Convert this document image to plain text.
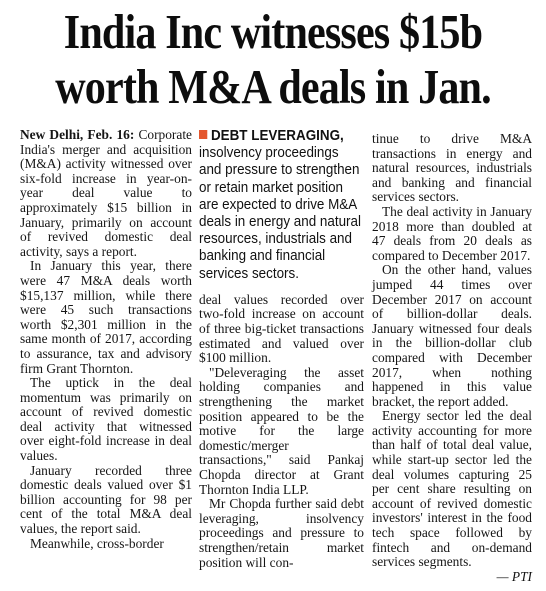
India Inc witnesses $15b
worth M&A deals in Jan.

New Delhi, Feb. 16: Corporate India's merger and acquisition (M&A) activity witnessed over six-fold increase in year-on-year deal value to approximately $15 billion in January, primarily on account of revived domestic deal activity, says a report.

In January this year, there were 47 M&A deals worth $15,137 million, while there were 45 such transactions worth $2,301 million in the same month of 2017, according to assurance, tax and advisory firm Grant Thornton.

The uptick in the deal momentum was primarily on account of revived domestic deal activity that witnessed over eight-fold increase in deal values.

January recorded three domestic deals valued over $1 billion accounting for 98 per cent of the total M&A deal values, the report said.

Meanwhile, cross-border

DEBT LEVERAGING, insolvency proceedings and pressure to strengthen or retain market position are expected to drive M&A deals in energy and natural resources, industrials and banking and financial services sectors.

deal values recorded over two-fold increase on account of three big-ticket transactions estimated and valued over $100 million.

"Deleveraging the asset holding companies and strengthening the market position appeared to be the motive for the large domestic/merger transactions," said Pankaj Chopda director at Grant Thornton India LLP.

Mr Chopda further said debt leveraging, insolvency proceedings and pressure to strengthen/retain market position will con-

tinue to drive M&A transactions in energy and natural resources, industrials and banking and financial services sectors.

The deal activity in January 2018 more than doubled at 47 deals from 20 deals as compared to December 2017.

On the other hand, values jumped 44 times over December 2017 on account of billion-dollar deals. January witnessed four deals in the billion-dollar club compared with December 2017, when nothing happened in this value bracket, the report added.

Energy sector led the deal activity accounting for more than half of total deal value, while start-up sector led the deal volumes capturing 25 per cent share resulting on account of revived domestic investors' interest in the food tech space followed by fintech and on-demand services segments.

— PTI
